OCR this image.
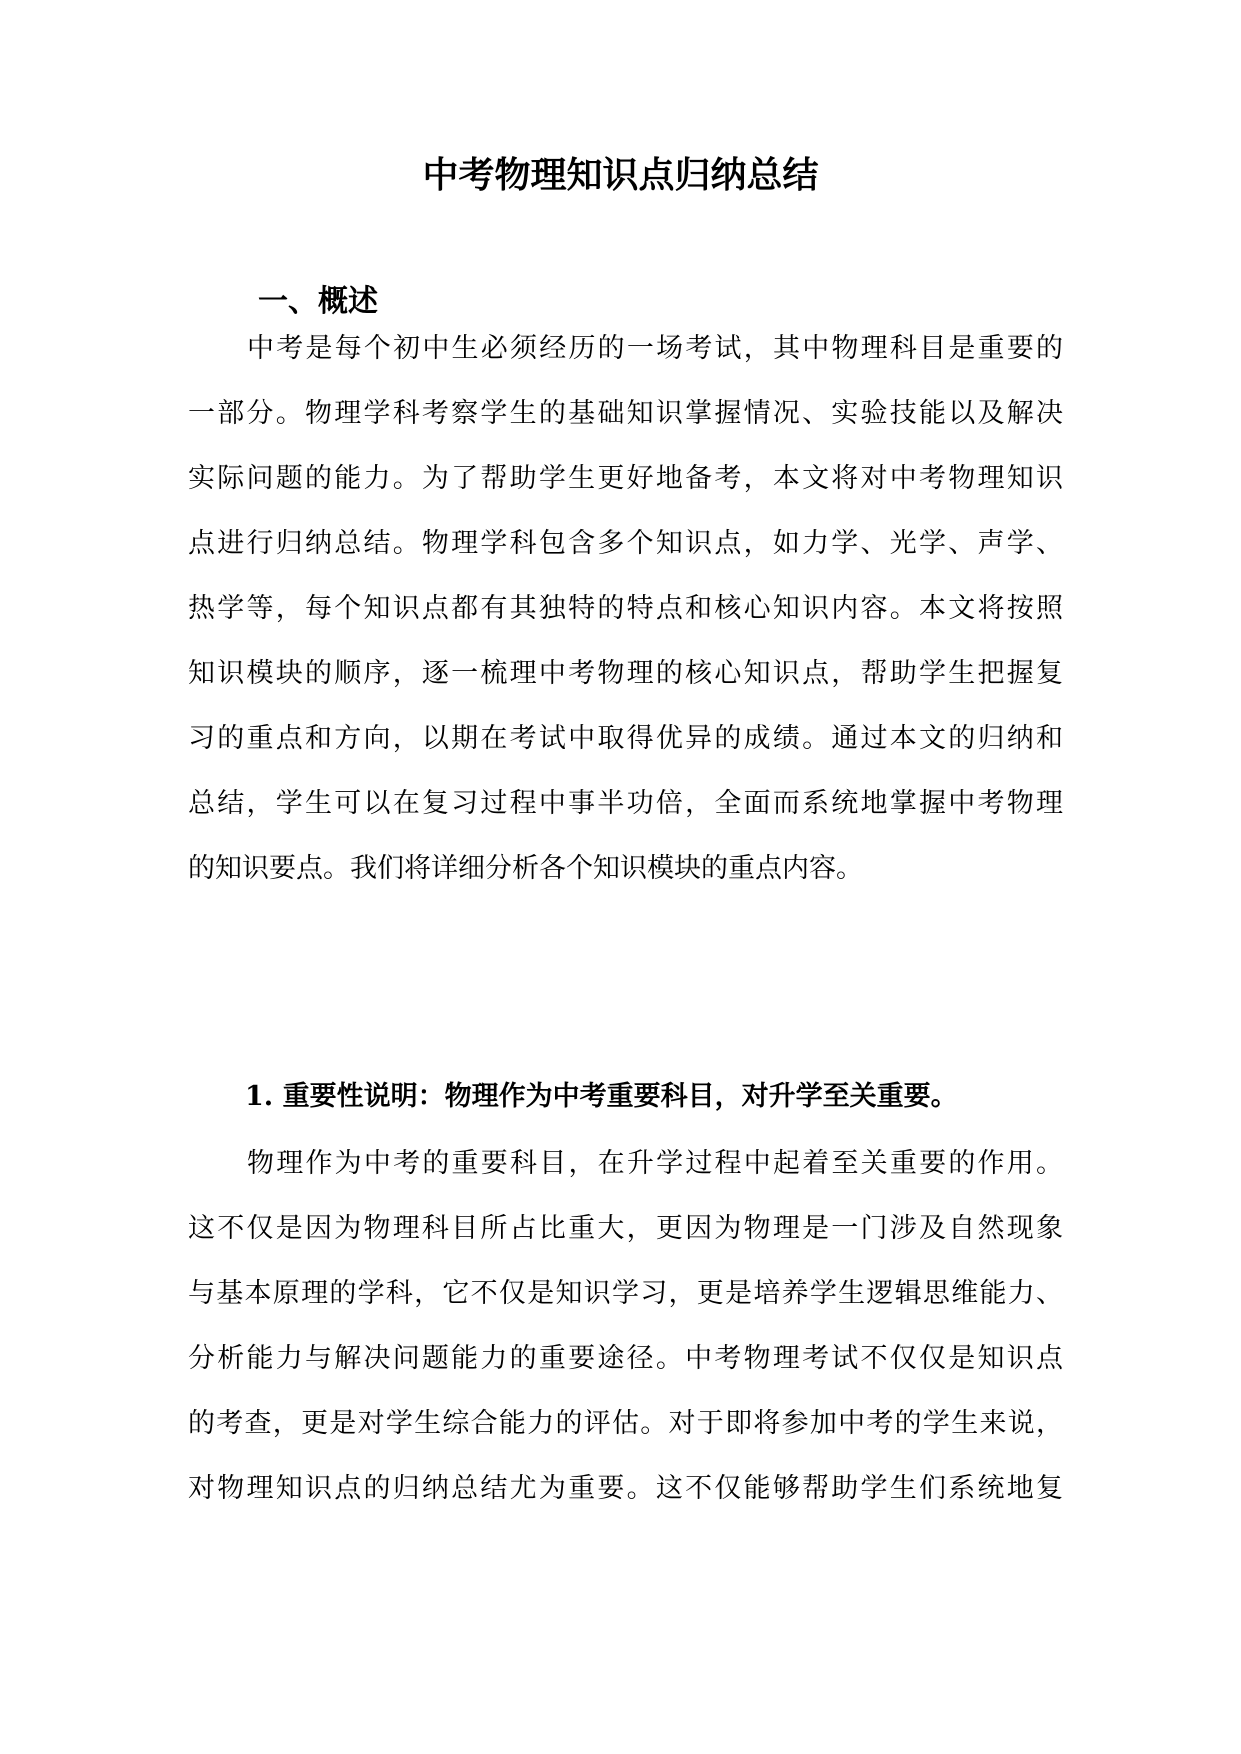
中考物理知识点归纳总结
一、概述
中考是每个初中生必须经历的一场考试，其中物理科目是重要的
一部分。物理学科考察学生的基础知识掌握情况、实验技能以及解决
实际问题的能力。为了帮助学生更好地备考，本文将对中考物理知识
点进行归纳总结。物理学科包含多个知识点，如力学、光学、声学、
热学等，每个知识点都有其独特的特点和核心知识内容。本文将按照
知识模块的顺序，逐一梳理中考物理的核心知识点，帮助学生把握复
习的重点和方向，以期在考试中取得优异的成绩。通过本文的归纳和
总结，学生可以在复习过程中事半功倍，全面而系统地掌握中考物理
的知识要点。我们将详细分析各个知识模块的重点内容。
1. 重要性说明：物理作为中考重要科目，对升学至关重要。
物理作为中考的重要科目，在升学过程中起着至关重要的作用。
这不仅是因为物理科目所占比重大，更因为物理是一门涉及自然现象
与基本原理的学科，它不仅是知识学习，更是培养学生逻辑思维能力、
分析能力与解决问题能力的重要途径。中考物理考试不仅仅是知识点
的考查，更是对学生综合能力的评估。对于即将参加中考的学生来说，
对物理知识点的归纳总结尤为重要。这不仅能够帮助学生们系统地复
